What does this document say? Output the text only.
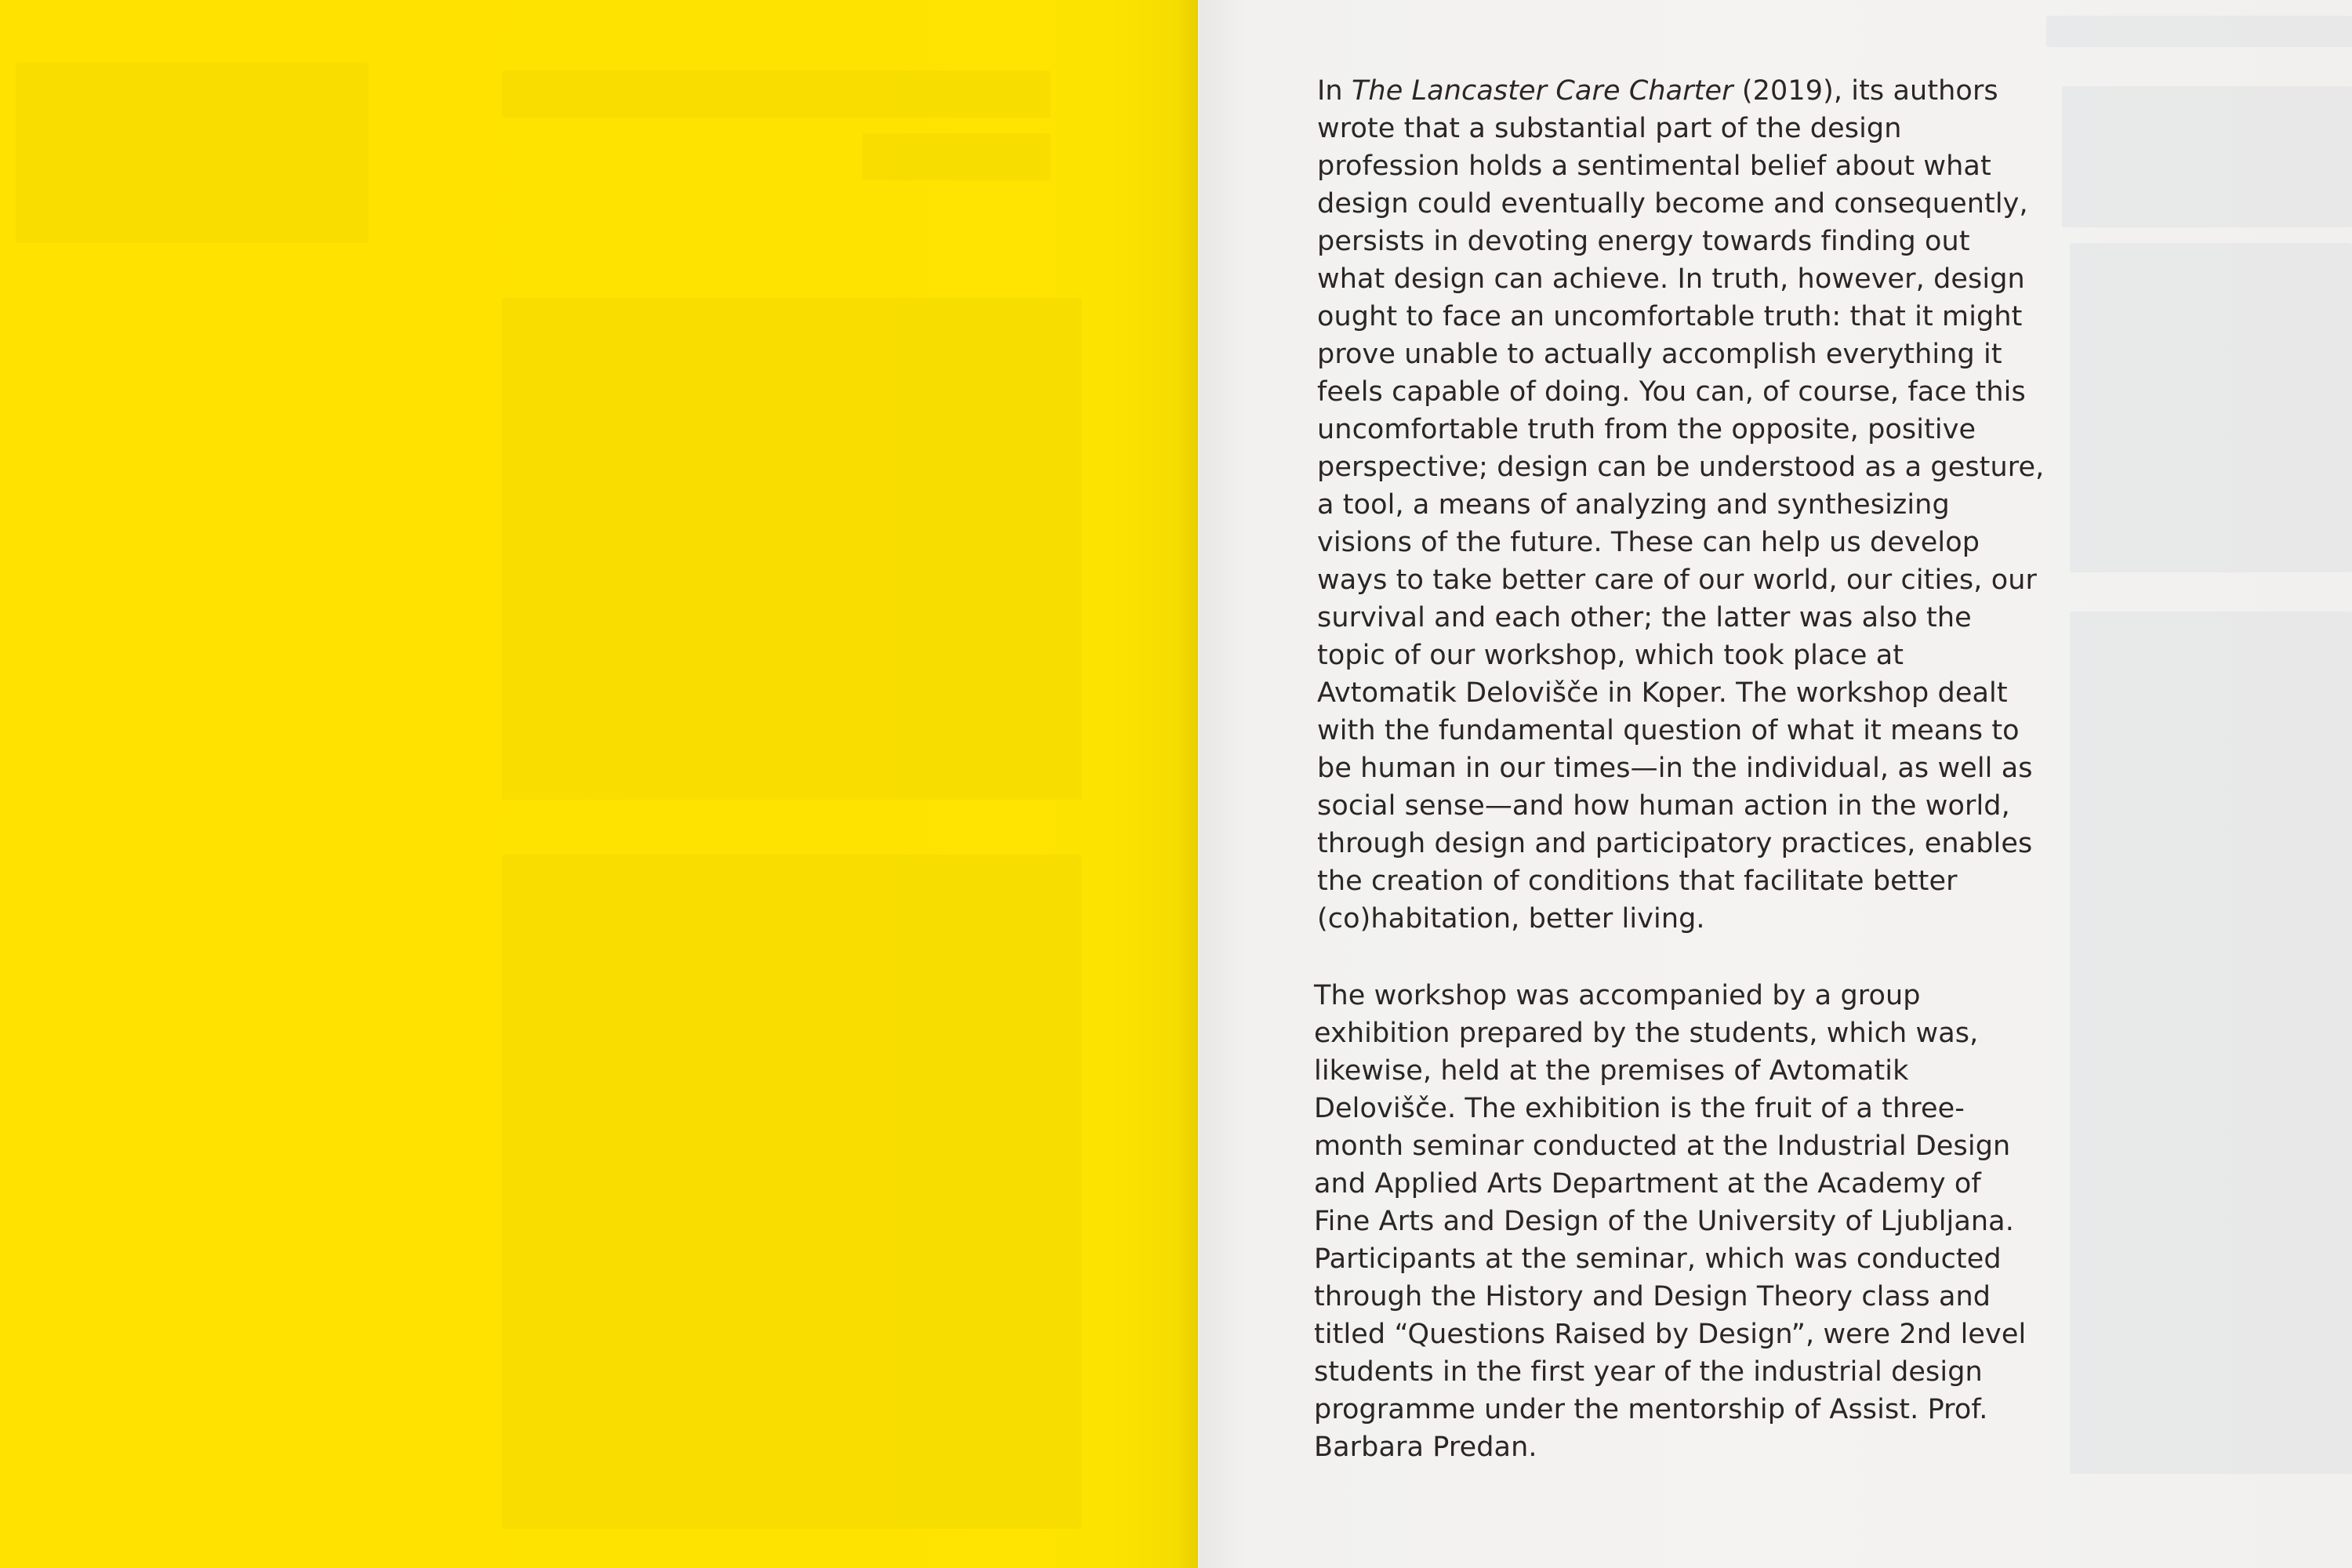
In The Lancaster Care Charter (2019), its authors wrote that a substantial part of the design profession holds a sentimental belief about what design could eventually become and consequently, persists in devoting energy towards finding out what design can achieve. In truth, however, design ought to face an uncomfortable truth: that it might prove unable to actually accomplish everything it feels capable of doing. You can, of course, face this uncomfortable truth from the opposite, positive perspective; design can be understood as a gesture, a tool, a means of analyzing and synthesizing visions of the future. These can help us develop ways to take better care of our world, our cities, our survival and each other; the latter was also the topic of our workshop, which took place at Avtomatik Delovišče in Koper. The workshop dealt with the fundamental question of what it means to be human in our times—in the individual, as well as social sense—and how human action in the world, through design and participatory practices, enables the creation of conditions that facilitate better (co)habitation, better living.

The workshop was accompanied by a group exhibition prepared by the students, which was, likewise, held at the premises of Avtomatik Delovišče. The exhibition is the fruit of a three-month seminar conducted at the Industrial Design and Applied Arts Department at the Academy of Fine Arts and Design of the University of Ljubljana. Participants at the seminar, which was conducted through the History and Design Theory class and titled “Questions Raised by Design”, were 2nd level students in the first year of the industrial design programme under the mentorship of Assist. Prof. Barbara Predan.
